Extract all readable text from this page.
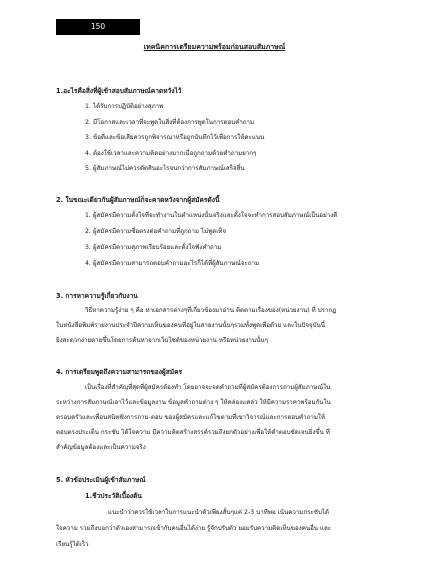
150
เทคนิคการเตรียมความพร้อมก่อนสอบสัมภาษณ์
1.อะไรคือสิ่งที่ผู้เข้าสอบสัมภาษณ์คาดหวังไว้
1. ได้รับการปฏิบัติอย่างสุภาพ
2. มีโอกาสและเวลาที่จะพูดในสิ่งที่ต้องการพูดในการตอบคำถาม
3. ข้อดีและข้อเสียควรถูกพิจารณาหรือถูกบันทึกไว้เพื่อการให้คะแนน
4. ต้องใช้เวลาและความคิดอย่างมากเมื่อถูกถามด้วยคำถามยากๆ
5. ผู้สัมภาษณ์ไม่ควรตัดสินอะไรจนกว่าการสัมภาษณ์เสร็จสิ้น
2. ในขณะเดียวกันผู้สัมภาษณ์ก็จะคาดหวังจากผู้สมัครดังนี้
1. ผู้สมัครมีความตั้งใจที่จะทำงานในตำแหน่งนั้นจริงและตั้งใจจะทำการสอบสัมภาษณ์เป็นอย่างดี
2. ผู้สมัครมีความซื่อตรงต่อคำถามที่ถูกถาม ไม่พูดเท็จ
3. ผู้สมัครมีความสุภาพเรียบร้อยและตั้งใจฟังคำถาม
4. ผู้สมัครมีความสามารถตอบคำถามอะไรก็ได้ที่ผู้สัมภาษณ์จะถาม
3. การหาความรู้เกี่ยวกับงาน
วิธีหาความรู้ง่าย ๆ คือ หาเอกสารต่างๆที่เกี่ยวข้องมาอ่าน ติดตามเรื่องของ(หน่วยงาน) ที่ ปรากฏ
ในหนังสือพิมพ์รายงานประจำปีความเห็นของคนที่อยู่ในสายงานนั้นๆรวมทั้งพูดเพื่อด้วย และในปัจจุบันนี้
ยิ่งสะดวกง่ายดายขึ้นโดยการค้นหาจากเว็บไซต์ของหน่วยงาน หรือหน่วยงานนั้นๆ
4. การเตรียมพูดถึงความสามารถของผู้สมัคร
เป็นเรื่องที่สำคัญที่สุดที่ผู้สมัครต้องทำ โดยอาจจะจดคำถามที่ผู้สมัครต้องการถามผู้สัมภาษณ์ใน
ระหว่างการสัมภาษณ์เอาไว้และข้อมูลงาน ข้อมูลคำถามต่าง ๆ ให้คล่องแคล่ว ให้มีความราคาพร้อมกันใน
ครอบครัวและเพื่อนสนิทฟังการถาม-ตอบ ของผู้สมัครและแก้ไขตามที่เขาวิจารณ์และการตอบคำถามให้
ตอบตรงประเด็น กระชับ ได้ใจความ มีความคิดสร้างสรรค์รวมถึงยกตัวอย่างเพื่อให้คำตอบชัดเจนยิ่งขึ้น ที่
สำคัญข้อมูลต้องและเป็นความจริง
5. หัวข้อประเมินผู้เข้าสัมภาษณ์
1.ชีวประวัติเบื้องต้น
แนะนำว่าควรใช้เวลาในการแนะนำตัวเพียงสั้นๆแค่ 2-3 นาทีพอ เน้นความกระชับได้
ใจความ รวมถึงบอกว่าตัวเองสามารถเข้ากับคนอื่นได้ง่าย รู้จักปรับตัว ยอมรับความคิดเห็นของคนอื่น และ
เรียนรู้ได้เร็ว
